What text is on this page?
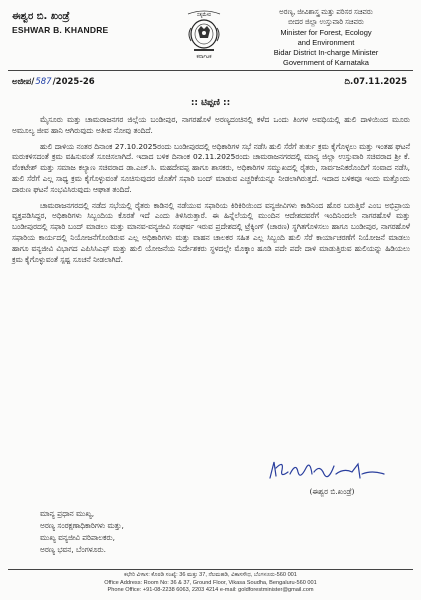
ಈಶ್ವರ ಬಿ. ಖಂಡ್ರೆ
ESHWAR B. KHANDRE
ಸತ್ಯಮೇವ
ಕರ್ನಾಟಕ
ಅರಣ್ಯ, ಜೀವಿಶಾಸ್ತ್ರ ಮತ್ತು ಪರಿಸರ ಸಚಿವರು
ಬೀದರ ಜಿಲ್ಲಾ ಉಸ್ತುವಾರಿ ಸಚಿವರು
Minister for Forest, Ecology
and Environment
Bidar District In-charge Minister
Government of Karnataka
ಅಜೀಪ/587/2025-26	ದಿ.07.11.2025
:: ಟಿಪ್ಪಣಿ ::

ಮೈಸೂರು ಮತ್ತು ಚಾಮರಾಜನಗರ ಜಿಲ್ಲೆಯ ಬಂಡೀಪುರ, ನಾಗರಹೊಳೆ ಅರಣ್ಯದಂಚಿನಲ್ಲಿ ಕಳೆದ ಒಂದು ತಿಂಗಳ ಅವಧಿಯಲ್ಲಿ ಹುಲಿ ದಾಳಿಯಿಂದ ಮೂರು ಅಮೂಲ್ಯ ಜೀವ ಹಾನಿ ಆಗಿರುವುದು ಅತೀವ ನೋವು ತಂದಿದೆ.

ಹುಲಿ ದಾಳಿಯ ನಂತರ ದಿನಾಂಕ 27.10.2025ರಂದು ಬಂಡೀಪುರದಲ್ಲಿ ಅಧಿಕಾರಿಗಳ ಸಭೆ ನಡೆಸಿ ಹುಲಿ ಸೆರೆಗೆ ತುರ್ತು ಕ್ರಮ ಕೈಗೊಳ್ಳಲು ಮತ್ತು ಇಂತಹ ಘಟನೆ ಮರುಕಳಿಸದಂತೆ ಕ್ರಮ ವಹಿಸುವಂತೆ ಸೂಚಿಸಲಾಗಿದೆ. ಇದಾದ ಬಳಿಕ ದಿನಾಂಕ 02.11.2025ರಂದು ಚಾಮರಾಜನಗರದಲ್ಲಿ ಮಾನ್ಯ ಜಿಲ್ಲಾ ಉಸ್ತುವಾರಿ ಸಚಿವರಾದ ಶ್ರೀ ಕೆ. ವೆಂಕಟೇಶ್ ಮತ್ತು ಸಮಾಜ ಕಲ್ಯಾಣ ಸಚಿವರಾದ ಡಾ.ಎಚ್.ಸಿ. ಮಹದೇವಪ್ಪ ಹಾಗೂ ಶಾಸಕರು, ಅಧಿಕಾರಿಗಳ ಸಮ್ಮುಖದಲ್ಲಿ ರೈತರು, ಸಾರ್ವಜನಿಕರೊಂದಿಗೆ ಸಂವಾದ ನಡೆಸಿ, ಹುಲಿ ಸೆರೆಗೆ ಎಲ್ಲ ಸಾಧ್ಯ ಕ್ರಮ ಕೈಗೊಳ್ಳುವಂತೆ ಸೂಚಿಸುವುದರ ಜೊತೆಗೆ ಸಫಾರಿ ಬಂದ್ ಮಾಡುವ ಎಚ್ಚರಿಕೆಯನ್ನೂ ನೀಡಲಾಗಿರುತ್ತದೆ. ಇದಾದ ಬಳಿಕವೂ ಇಂದು ಮತ್ತೊಂದು ದಾರುಣ ಘಟನೆ ಸಂಭವಿಸಿರುವುದು ಆಘಾತ ತಂದಿದೆ.

ಚಾಮರಾಜನಗರದಲ್ಲಿ ನಡೆದ ಸಭೆಯಲ್ಲಿ ರೈತರು ಕಾಡಿನಲ್ಲಿ ನಡೆಯುವ ಸಫಾರಿಯ ಕಿರಿಕಿರಿಯಿಂದ ವನ್ಯಜೀವಿಗಳು ಕಾಡಿನಿಂದ ಹೊರ ಬರುತ್ತಿವೆ ಎಂಬ ಅಭಿಪ್ರಾಯ ವ್ಯಕ್ತಪಡಿಸಿದ್ದರ, ಅಧಿಕಾರಿಗಳು ಸಿಬ್ಬಂದಿಯ ಕೊರತೆ ಇದೆ ಎಂದು ತಿಳಿಸಿರುತ್ತಾರೆ. ಈ ಹಿನ್ನೆಲೆಯಲ್ಲಿ ಮುಂದಿನ ಆದೇಶದವರೆಗೆ ಇಂದಿನಿಂದಲೇ ನಾಗರಹೊಳೆ ಮತ್ತು ಬಂಡೀಪುರದಲ್ಲಿ ಸಫಾರಿ ಬಂದ್ ಮಾಡಲು ಮತ್ತು ಮಾನವ-ವನ್ಯಜೀವಿ ಸಂಘರ್ಷ ಇರುವ ಪ್ರದೇಶದಲ್ಲಿ ಟ್ರೆಕ್ಕಿಂಗ್ (ಚಾರಣ) ಸ್ಥಗಿತಗೊಳಿಸಲು ಹಾಗೂ ಬಂಡೀಪುರ, ನಾಗರಹೊಳೆ ಸಫಾರಿಯ ಕಾರ್ಯದಲ್ಲಿ ನಿಯೋಜನೆಗೊಂಡಿರುವ ಎಲ್ಲ ಅಧಿಕಾರಿಗಳು ಮತ್ತು ವಾಹನ ಚಾಲಕರ ಸಹಿತ ಎಲ್ಲ ಸಿಬ್ಬಂದಿ ಹುಲಿ ಸೆರೆ ಕಾರ್ಯಾಚರಣೆಗೆ ನಿಯೋಜನೆ ಮಾಡಲು ಹಾಗೂ ವನ್ಯಜೀವಿ ವಿಭಾಗದ ಎಪಿಸಿಸಿಎಫ್ ಮತ್ತು ಹುಲಿ ಯೋಜನೆಯ ನಿರ್ದೇಶಕರು ಸ್ಥಳದಲ್ಲೇ ಮೊಕ್ಕಾಂ ಹೂಡಿ ಪದೇ ಪದೇ ದಾಳಿ ಮಾಡುತ್ತಿರುವ ಹುಲಿಯನ್ನು ಹಿಡಿಯಲು ಕ್ರಮ ಕೈಗೊಳ್ಳುವಂತೆ ಸ್ಪಷ್ಟ ಸೂಚನೆ ನೀಡಲಾಗಿದೆ.

(ಈಶ್ವರ ಬಿ.ಖಂಡ್ರೆ)
ಮಾನ್ಯ ಪ್ರಧಾನ ಮುಖ್ಯ,
ಅರಣ್ಯ ಸಂರಕ್ಷಣಾಧಿಕಾರಿಗಳು ಮತ್ತು,
ಮುಖ್ಯ ವನ್ಯಜೀವಿ ಪರಿಪಾಲಕರು,
ಅರಣ್ಯ ಭವನ, ಬೆಂಗಳೂರು.
ಕಛೇರಿ ವಿಳಾಸ: ಕೊಠಡಿ ಸಂಖ್ಯೆ: 36 ಮತ್ತು 37, ನೆಲಮಹಡಿ, ವಿಕಾಸಸೌಧ, ಬೆಂಗಳೂರು-560 001
Office Address: Room No: 36 & 37, Ground Floor, Vikasa Soudha, Bengaluru-560 001
Phone Office: +91-08-2238 6063, 2203 4214 e-mail: goldforestminister@gmail.com
